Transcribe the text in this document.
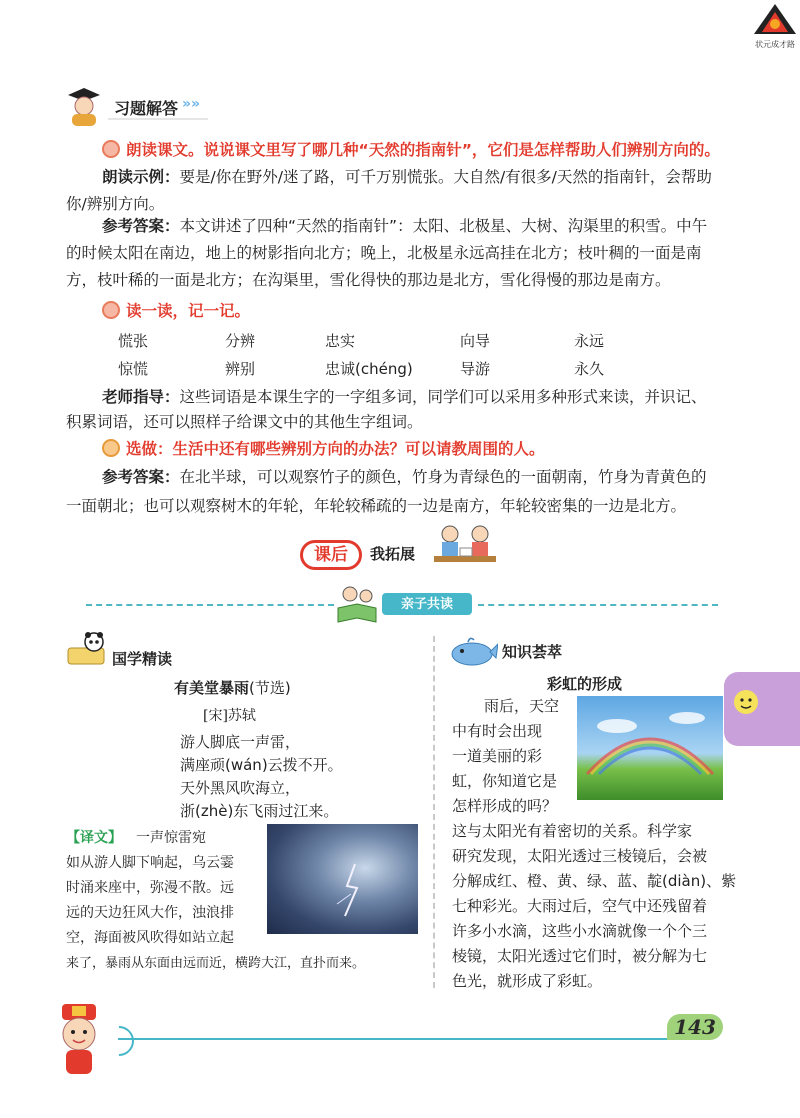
状元成才路
习题解答 »»
朗读课文。说说课文里写了哪几种“天然的指南针”，它们是怎样帮助人们辨别方向的。
朗读示例：要是/你在野外/迷了路，可千万别慌张。大自然/有很多/天然的指南针，会帮助
你/辨别方向。
参考答案：本文讲述了四种“天然的指南针”：太阳、北极星、大树、沟渠里的积雪。中午
的时候太阳在南边，地上的树影指向北方；晚上，北极星永远高挂在北方；枝叶稠的一面是南
方，枝叶稀的一面是北方；在沟渠里，雪化得快的那边是北方，雪化得慢的那边是南方。
读一读，记一记。
慌张	分辨	忠实	向导	永远
惊慌	辨别	忠诚(chéng)	导游	永久
老师指导：这些词语是本课生字的一字组多词，同学们可以采用多种形式来读，并识记、
积累词语，还可以照样子给课文中的其他生字组词。
选做：生活中还有哪些辨别方向的办法？可以请教周围的人。
参考答案：在北半球，可以观察竹子的颜色，竹身为青绿色的一面朝南，竹身为青黄色的
一面朝北；也可以观察树木的年轮，年轮较稀疏的一边是南方，年轮较密集的一边是北方。
课后	我拓展
亲子共读
国学精读
有美堂暴雨(节选)
[宋]苏轼
游人脚底一声雷，
满座顽(wán)云拨不开。
天外黑风吹海立，
浙(zhè)东飞雨过江来。
【译文】 一声惊雷宛
如从游人脚下响起，乌云霎
时涌来座中，弥漫不散。远
远的天边狂风大作，浊浪排
空，海面被风吹得如站立起
来了，暴雨从东面由远而近，横跨大江，直扑而来。
知识荟萃
彩虹的形成
雨后，天空
中有时会出现
一道美丽的彩
虹，你知道它是
怎样形成的吗？
这与太阳光有着密切的关系。科学家
研究发现，太阳光透过三棱镜后，会被
分解成红、橙、黄、绿、蓝、靛(diàn)、紫
七种彩光。大雨过后，空气中还残留着
许多小水滴，这些小水滴就像一个个三
棱镜，太阳光透过它们时，被分解为七
色光，就形成了彩虹。
143
